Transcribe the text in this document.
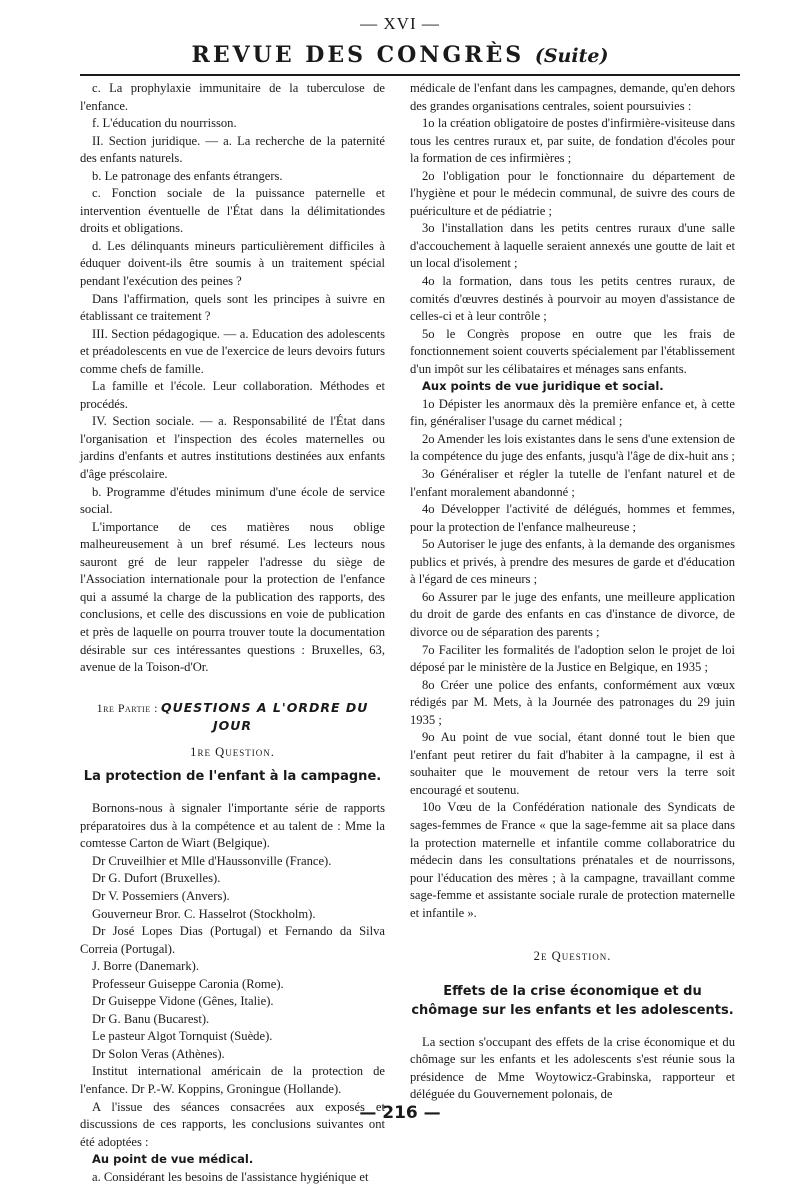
— XVI —
REVUE DES CONGRÈS (Suite)

c. La prophylaxie immunitaire de la tuberculose de l'enfance.

f. L'éducation du nourrisson.

II. Section juridique. — a. La recherche de la paternité des enfants naturels.

b. Le patronage des enfants étrangers.

c. Fonction sociale de la puissance paternelle et intervention éventuelle de l'État dans la délimitationdes droits et obligations.

d. Les délinquants mineurs particulièrement difficiles à éduquer doivent-ils être soumis à un traitement spécial pendant l'exécution des peines ?

Dans l'affirmation, quels sont les principes à suivre en établissant ce traitement ?

III. Section pédagogique. — a. Education des adolescents et préadolescents en vue de l'exercice de leurs devoirs futurs comme chefs de famille.

La famille et l'école. Leur collaboration. Méthodes et procédés.

IV. Section sociale. — a. Responsabilité de l'État dans l'organisation et l'inspection des écoles maternelles ou jardins d'enfants et autres institutions destinées aux enfants d'âge préscolaire.

b. Programme d'études minimum d'une école de service social.

L'importance de ces matières nous oblige malheureusement à un bref résumé. Les lecteurs nous sauront gré de leur rappeler l'adresse du siège de l'Association internationale pour la protection de l'enfance qui a assumé la charge de la publication des rapports, des conclusions, et celle des discussions en voie de publication et près de laquelle on pourra trouver toute la documentation désirable sur ces intéressantes questions : Bruxelles, 63, avenue de la Toison-d'Or.

1re Partie : QUESTIONS A L'ORDRE DU JOUR
1re Question.
La protection de l'enfant à la campagne.

Bornons-nous à signaler l'importante série de rapports préparatoires dus à la compétence et au talent de : Mme la comtesse Carton de Wiart (Belgique).

Dr Cruveilhier et Mlle d'Haussonville (France).

Dr G. Dufort (Bruxelles).

Dr V. Possemiers (Anvers).

Gouverneur Bror. C. Hasselrot (Stockholm).

Dr José Lopes Dias (Portugal) et Fernando da Silva Correia (Portugal).

J. Borre (Danemark).

Professeur Guiseppe Caronia (Rome).

Dr Guiseppe Vidone (Gênes, Italie).

Dr G. Banu (Bucarest).

Le pasteur Algot Tornquist (Suède).

Dr Solon Veras (Athènes).

Institut international américain de la protection de l'enfance. Dr P.-W. Koppins, Groningue (Hollande).

A l'issue des séances consacrées aux exposés et discussions de ces rapports, les conclusions suivantes ont été adoptées :

Au point de vue médical.

a. Considérant les besoins de l'assistance hygiénique et

médicale de l'enfant dans les campagnes, demande, qu'en dehors des grandes organisations centrales, soient poursuivies :

1o la création obligatoire de postes d'infirmière-visiteuse dans tous les centres ruraux et, par suite, de fondation d'écoles pour la formation de ces infirmières ;

2o l'obligation pour le fonctionnaire du département de l'hygiène et pour le médecin communal, de suivre des cours de puériculture et de pédiatrie ;

3o l'installation dans les petits centres ruraux d'une salle d'accouchement à laquelle seraient annexés une goutte de lait et un local d'isolement ;

4o la formation, dans tous les petits centres ruraux, de comités d'œuvres destinés à pourvoir au moyen d'assistance de celles-ci et à leur contrôle ;

5o le Congrès propose en outre que les frais de fonctionnement soient couverts spécialement par l'établissement d'un impôt sur les célibataires et ménages sans enfants.

Aux points de vue juridique et social.

1o Dépister les anormaux dès la première enfance et, à cette fin, généraliser l'usage du carnet médical ;

2o Amender les lois existantes dans le sens d'une extension de la compétence du juge des enfants, jusqu'à l'âge de dix-huit ans ;

3o Généraliser et régler la tutelle de l'enfant naturel et de l'enfant moralement abandonné ;

4o Développer l'activité de délégués, hommes et femmes, pour la protection de l'enfance malheureuse ;

5o Autoriser le juge des enfants, à la demande des organismes publics et privés, à prendre des mesures de garde et d'éducation à l'égard de ces mineurs ;

6o Assurer par le juge des enfants, une meilleure application du droit de garde des enfants en cas d'instance de divorce, de divorce ou de séparation des parents ;

7o Faciliter les formalités de l'adoption selon le projet de loi déposé par le ministère de la Justice en Belgique, en 1935 ;

8o Créer une police des enfants, conformément aux vœux rédigés par M. Mets, à la Journée des patronages du 29 juin 1935 ;

9o Au point de vue social, étant donné tout le bien que l'enfant peut retirer du fait d'habiter à la campagne, il est à souhaiter que le mouvement de retour vers la terre soit encouragé et soutenu.

10o Vœu de la Confédération nationale des Syndicats de sages-femmes de France « que la sage-femme ait sa place dans la protection maternelle et infantile comme collaboratrice du médecin dans les consultations prénatales et de nourrissons, pour l'éducation des mères ; à la campagne, travaillant comme sage-femme et assistante sociale rurale de protection maternelle et infantile ».

2e Question.
Effets de la crise économique et du chômage sur les enfants et les adolescents.

La section s'occupant des effets de la crise économique et du chômage sur les enfants et les adolescents s'est réunie sous la présidence de Mme Woytowicz-Grabinska, rapporteur et déléguée du Gouvernement polonais, de

— 216 —
